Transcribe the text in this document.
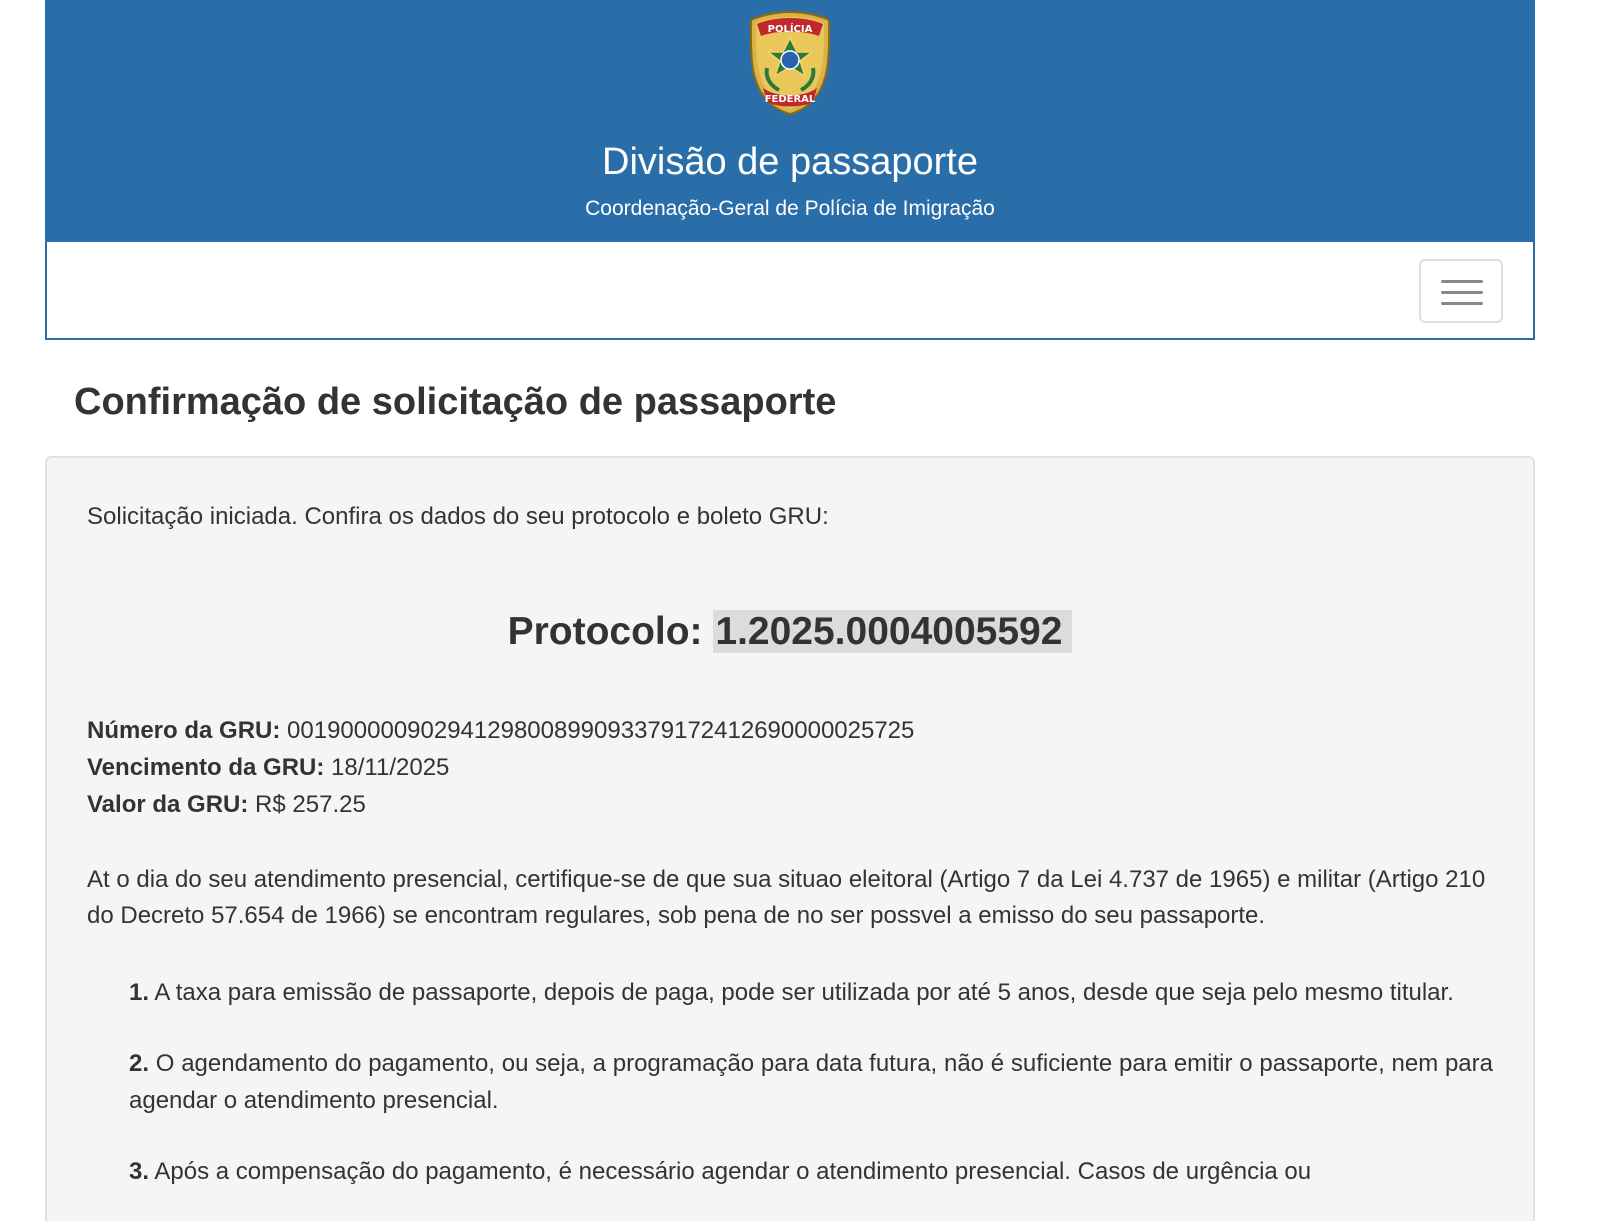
POLÍCIA
FEDERAL
Divisão de passaporte

Coordenação-Geral de Polícia de Imigração

Confirmação de solicitação de passaporte

Solicitação iniciada. Confira os dados do seu protocolo e boleto GRU:

Protocolo: 1.2025.0004005592
Número da GRU: 00190000090294129800899093379172412690000025725
Vencimento da GRU: 18/11/2025
Valor da GRU: R$ 257.25

At o dia do seu atendimento presencial, certifique-se de que sua situao eleitoral (Artigo 7 da Lei 4.737 de 1965) e militar (Artigo 210 do Decreto 57.654 de 1966) se encontram regulares, sob pena de no ser possvel a emisso do seu passaporte.

1. A taxa para emissão de passaporte, depois de paga, pode ser utilizada por até 5 anos, desde que seja pelo mesmo titular.
2. O agendamento do pagamento, ou seja, a programação para data futura, não é suficiente para emitir o passaporte, nem para agendar o atendimento presencial.
3. Após a compensação do pagamento, é necessário agendar o atendimento presencial. Casos de urgência ou
